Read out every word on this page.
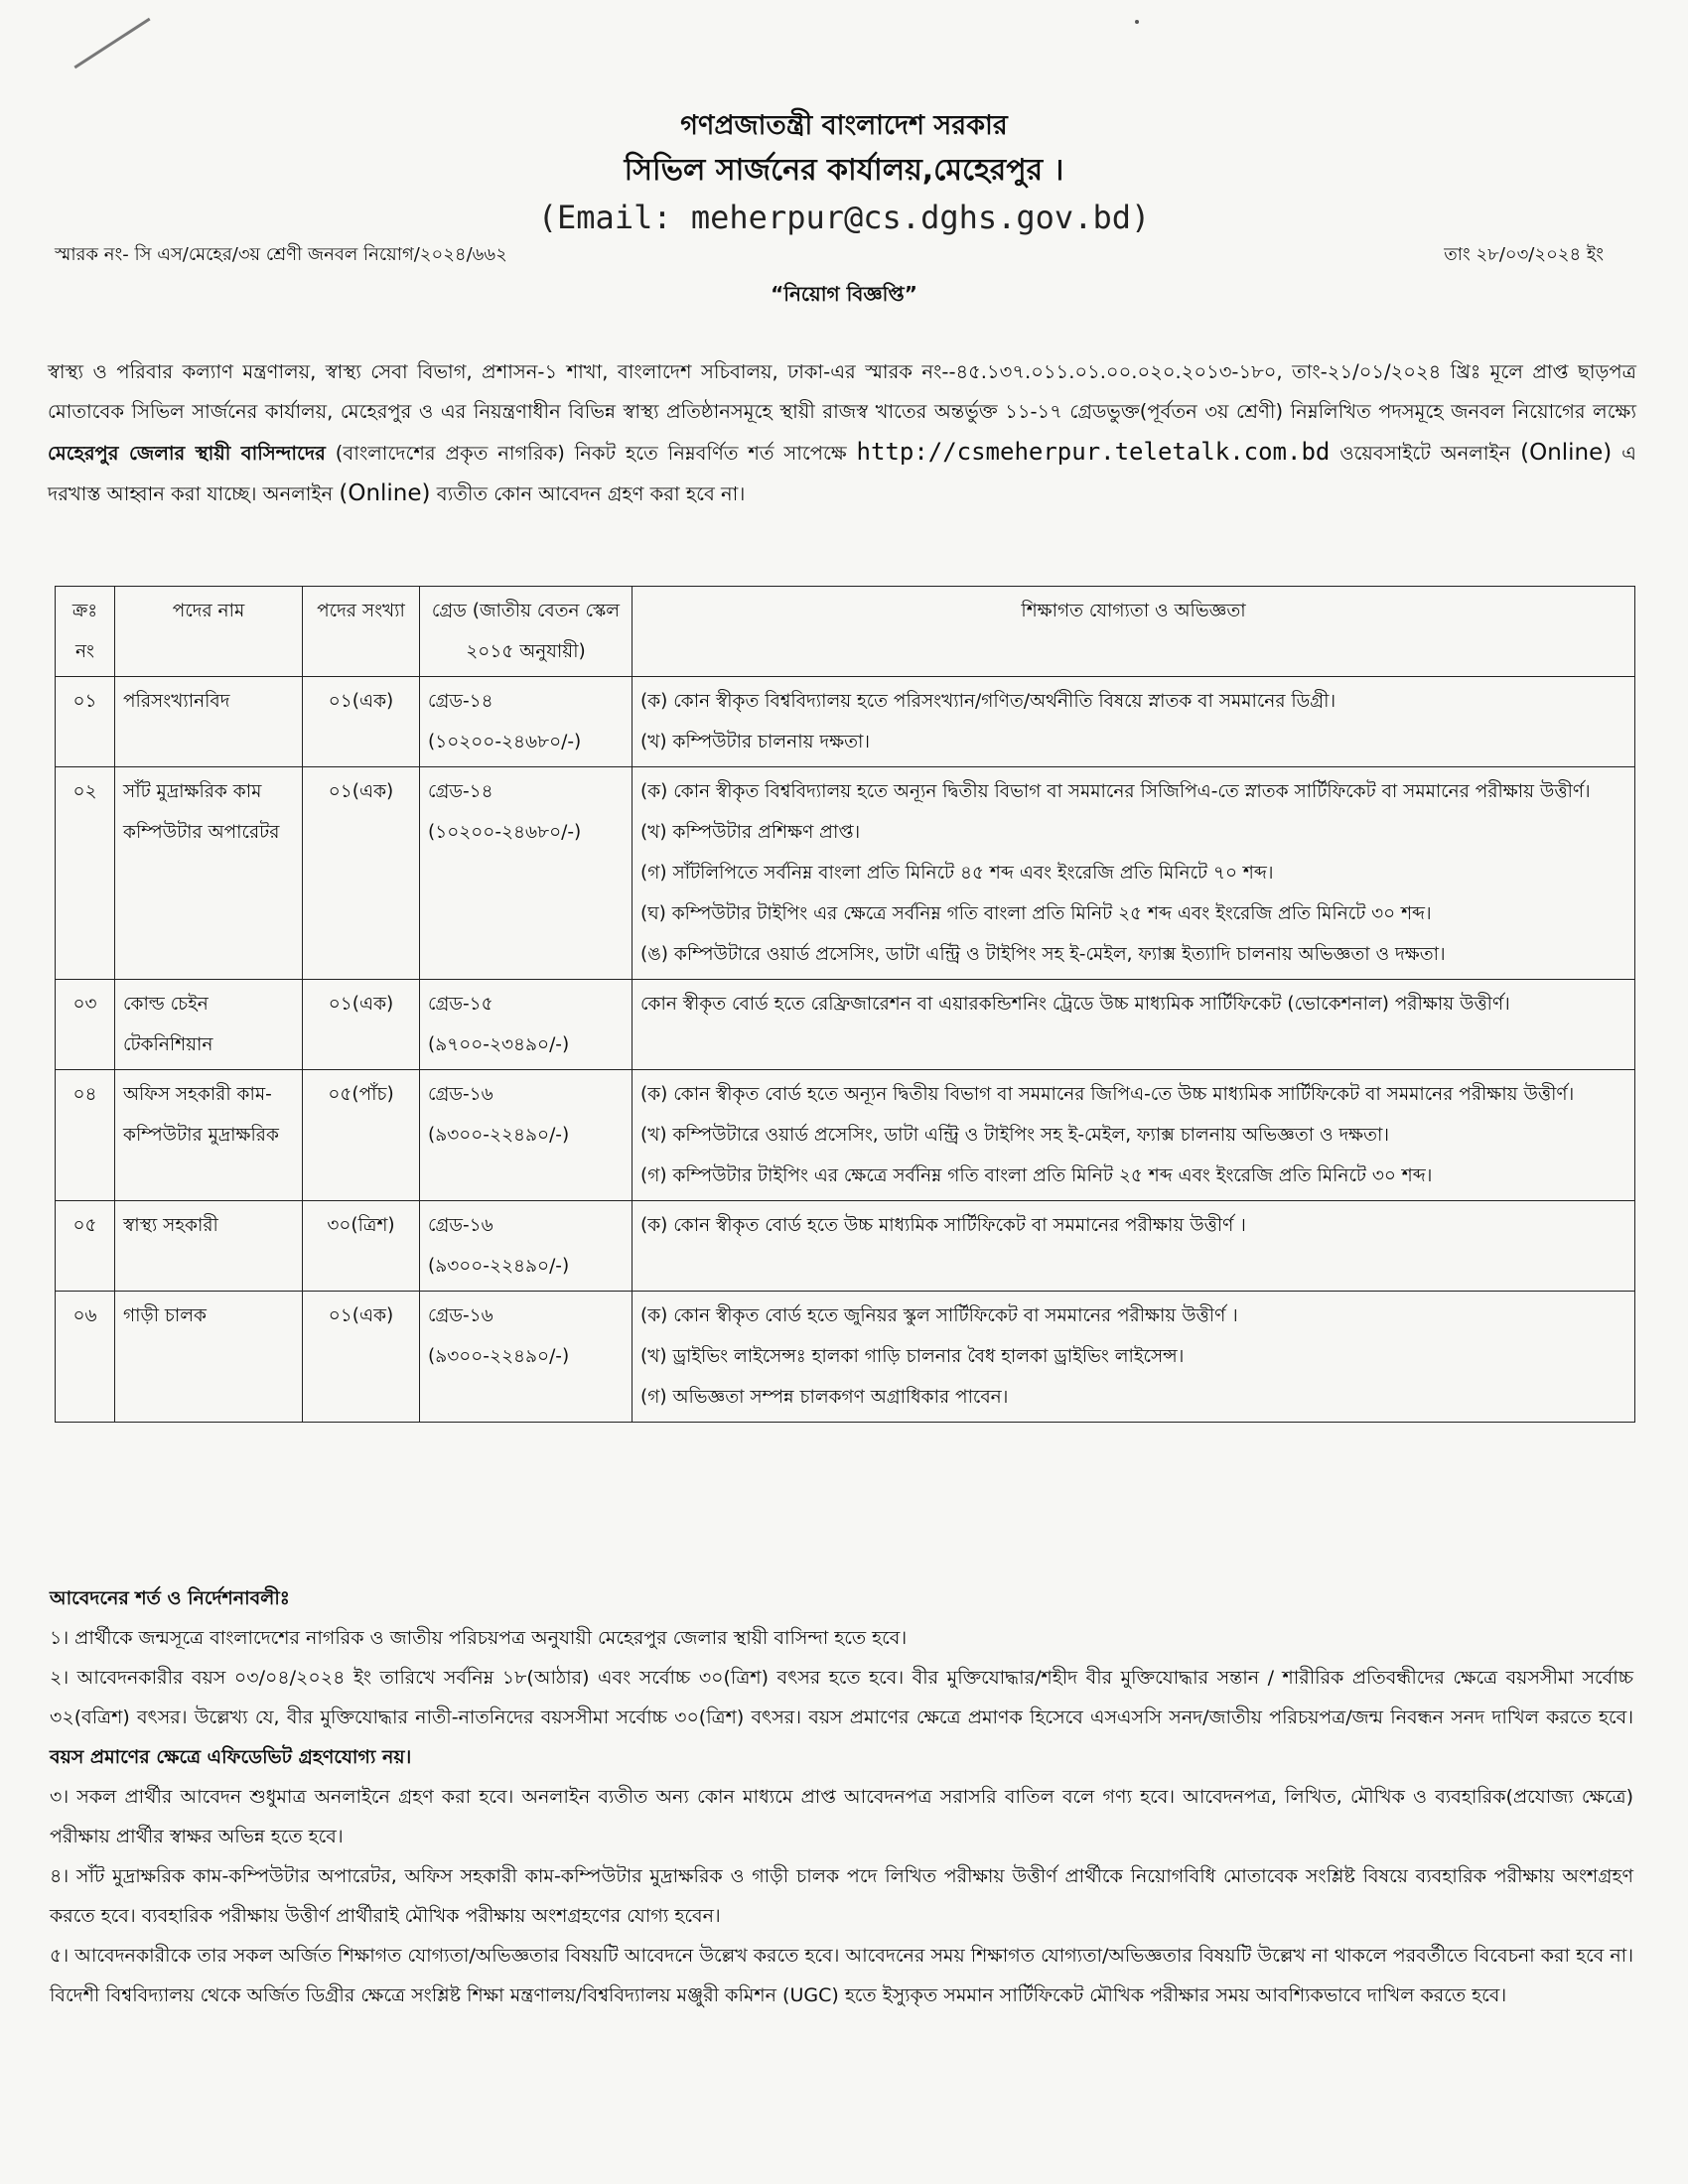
গণপ্রজাতন্ত্রী বাংলাদেশ সরকার
সিভিল সার্জনের কার্যালয়,মেহেরপুর ।
(Email: meherpur@cs.dghs.gov.bd)
স্মারক নং- সি এস/মেহের/৩য় শ্রেণী জনবল নিয়োগ/২০২৪/৬৬২	তাং ২৮/০৩/২০২৪ ইং
“নিয়োগ বিজ্ঞপ্তি”
স্বাস্থ্য ও পরিবার কল্যাণ মন্ত্রণালয়, স্বাস্থ্য সেবা বিভাগ, প্রশাসন-১ শাখা, বাংলাদেশ সচিবালয়, ঢাকা-এর স্মারক নং--৪৫.১৩৭.০১১.০১.০০.০২০.২০১৩-১৮০, তাং-২১/০১/২০২৪ খ্রিঃ মূলে প্রাপ্ত ছাড়পত্র মোতাবেক সিভিল সার্জনের কার্যালয়, মেহেরপুর ও এর নিয়ন্ত্রণাধীন বিভিন্ন স্বাস্থ্য প্রতিষ্ঠানসমূহে স্থায়ী রাজস্ব খাতের অন্তর্ভুক্ত ১১-১৭ গ্রেডভুক্ত(পূর্বতন ৩য় শ্রেণী) নিম্নলিখিত পদসমূহে জনবল নিয়োগের লক্ষ্যে মেহেরপুর জেলার স্থায়ী বাসিন্দাদের (বাংলাদেশের প্রকৃত নাগরিক) নিকট হতে নিম্নবর্ণিত শর্ত সাপেক্ষে http://csmeherpur.teletalk.com.bd ওয়েবসাইটে অনলাইন (Online) এ দরখাস্ত আহ্বান করা যাচ্ছে। অনলাইন (Online) ব্যতীত কোন আবেদন গ্রহণ করা হবে না।
ক্রঃ নং	পদের নাম	পদের সংখ্যা	গ্রেড (জাতীয় বেতন স্কেল ২০১৫ অনুযায়ী)	শিক্ষাগত যোগ্যতা ও অভিজ্ঞতা
০১	পরিসংখ্যানবিদ	০১(এক)	গ্রেড-১৪
(১০২০০-২৪৬৮০/-)	(ক) কোন স্বীকৃত বিশ্ববিদ্যালয় হতে পরিসংখ্যান/গণিত/অর্থনীতি বিষয়ে স্নাতক বা সমমানের ডিগ্রী।
(খ) কম্পিউটার চালনায় দক্ষতা।

০২	সাঁট মুদ্রাক্ষরিক কাম কম্পিউটার অপারেটর	০১(এক)	গ্রেড-১৪
(১০২০০-২৪৬৮০/-)	(ক) কোন স্বীকৃত বিশ্ববিদ্যালয় হতে অন্যূন দ্বিতীয় বিভাগ বা সমমানের সিজিপিএ-তে স্নাতক সার্টিফিকেট বা সমমানের পরীক্ষায় উত্তীর্ণ।
(খ) কম্পিউটার প্রশিক্ষণ প্রাপ্ত।
(গ) সাঁটলিপিতে সর্বনিম্ন বাংলা প্রতি মিনিটে ৪৫ শব্দ এবং ইংরেজি প্রতি মিনিটে ৭০ শব্দ।
(ঘ) কম্পিউটার টাইপিং এর ক্ষেত্রে সর্বনিম্ন গতি বাংলা প্রতি মিনিট ২৫ শব্দ এবং ইংরেজি প্রতি মিনিটে ৩০ শব্দ।
(ঙ) কম্পিউটারে ওয়ার্ড প্রসেসিং, ডাটা এন্ট্রি ও টাইপিং সহ ই-মেইল, ফ্যাক্স ইত্যাদি চালনায় অভিজ্ঞতা ও দক্ষতা।

০৩	কোল্ড চেইন টেকনিশিয়ান	০১(এক)	গ্রেড-১৫
(৯৭০০-২৩৪৯০/-)	কোন স্বীকৃত বোর্ড হতে রেফ্রিজারেশন বা এয়ারকন্ডিশনিং ট্রেডে উচ্চ মাধ্যমিক সার্টিফিকেট (ভোকেশনাল) পরীক্ষায় উত্তীর্ণ।

০৪	অফিস সহকারী কাম-কম্পিউটার মুদ্রাক্ষরিক	০৫(পাঁচ)	গ্রেড-১৬
(৯৩০০-২২৪৯০/-)	(ক) কোন স্বীকৃত বোর্ড হতে অন্যূন দ্বিতীয় বিভাগ বা সমমানের জিপিএ-তে উচ্চ মাধ্যমিক সার্টিফিকেট বা সমমানের পরীক্ষায় উত্তীর্ণ।
(খ) কম্পিউটারে ওয়ার্ড প্রসেসিং, ডাটা এন্ট্রি ও টাইপিং সহ ই-মেইল, ফ্যাক্স চালনায় অভিজ্ঞতা ও দক্ষতা।
(গ) কম্পিউটার টাইপিং এর ক্ষেত্রে সর্বনিম্ন গতি বাংলা প্রতি মিনিট ২৫ শব্দ এবং ইংরেজি প্রতি মিনিটে ৩০ শব্দ।

০৫	স্বাস্থ্য সহকারী	৩০(ত্রিশ)	গ্রেড-১৬
(৯৩০০-২২৪৯০/-)	(ক) কোন স্বীকৃত বোর্ড হতে উচ্চ মাধ্যমিক সার্টিফিকেট বা সমমানের পরীক্ষায় উত্তীর্ণ ।

০৬	গাড়ী চালক	০১(এক)	গ্রেড-১৬
(৯৩০০-২২৪৯০/-)	(ক) কোন স্বীকৃত বোর্ড হতে জুনিয়র স্কুল সার্টিফিকেট বা সমমানের পরীক্ষায় উত্তীর্ণ ।
(খ) ড্রাইভিং লাইসেন্সঃ হালকা গাড়ি চালনার বৈধ হালকা ড্রাইভিং লাইসেন্স।
(গ) অভিজ্ঞতা সম্পন্ন চালকগণ অগ্রাধিকার পাবেন।
আবেদনের শর্ত ও নির্দেশনাবলীঃ

১। প্রার্থীকে জন্মসূত্রে বাংলাদেশের নাগরিক ও জাতীয় পরিচয়পত্র অনুযায়ী মেহেরপুর জেলার স্থায়ী বাসিন্দা হতে হবে।

২। আবেদনকারীর বয়স ০৩/০৪/২০২৪ ইং তারিখে সর্বনিম্ন ১৮(আঠার) এবং সর্বোচ্চ ৩০(ত্রিশ) বৎসর হতে হবে। বীর মুক্তিযোদ্ধার/শহীদ বীর মুক্তিযোদ্ধার সন্তান / শারীরিক প্রতিবন্ধীদের ক্ষেত্রে বয়সসীমা সর্বোচ্চ ৩২(বত্রিশ) বৎসর। উল্লেখ্য যে, বীর মুক্তিযোদ্ধার নাতী-নাতনিদের বয়সসীমা সর্বোচ্চ ৩০(ত্রিশ) বৎসর। বয়স প্রমাণের ক্ষেত্রে প্রমাণক হিসেবে এসএসসি সনদ/জাতীয় পরিচয়পত্র/জন্ম নিবন্ধন সনদ দাখিল করতে হবে। বয়স প্রমাণের ক্ষেত্রে এফিডেভিট গ্রহণযোগ্য নয়।

৩। সকল প্রার্থীর আবেদন শুধুমাত্র অনলাইনে গ্রহণ করা হবে। অনলাইন ব্যতীত অন্য কোন মাধ্যমে প্রাপ্ত আবেদনপত্র সরাসরি বাতিল বলে গণ্য হবে। আবেদনপত্র, লিখিত, মৌখিক ও ব্যবহারিক(প্রযোজ্য ক্ষেত্রে) পরীক্ষায় প্রার্থীর স্বাক্ষর অভিন্ন হতে হবে।

৪। সাঁট মুদ্রাক্ষরিক কাম-কম্পিউটার অপারেটর, অফিস সহকারী কাম-কম্পিউটার মুদ্রাক্ষরিক ও গাড়ী চালক পদে লিখিত পরীক্ষায় উত্তীর্ণ প্রার্থীকে নিয়োগবিধি মোতাবেক সংশ্লিষ্ট বিষয়ে ব্যবহারিক পরীক্ষায় অংশগ্রহণ করতে হবে। ব্যবহারিক পরীক্ষায় উত্তীর্ণ প্রার্থীরাই মৌখিক পরীক্ষায় অংশগ্রহণের যোগ্য হবেন।

৫। আবেদনকারীকে তার সকল অর্জিত শিক্ষাগত যোগ্যতা/অভিজ্ঞতার বিষয়টি আবেদনে উল্লেখ করতে হবে। আবেদনের সময় শিক্ষাগত যোগ্যতা/অভিজ্ঞতার বিষয়টি উল্লেখ না থাকলে পরবর্তীতে বিবেচনা করা হবে না। বিদেশী বিশ্ববিদ্যালয় থেকে অর্জিত ডিগ্রীর ক্ষেত্রে সংশ্লিষ্ট শিক্ষা মন্ত্রণালয়/বিশ্ববিদ্যালয় মঞ্জুরী কমিশন (UGC) হতে ইস্যুকৃত সমমান সার্টিফিকেট মৌখিক পরীক্ষার সময় আবশ্যিকভাবে দাখিল করতে হবে।
